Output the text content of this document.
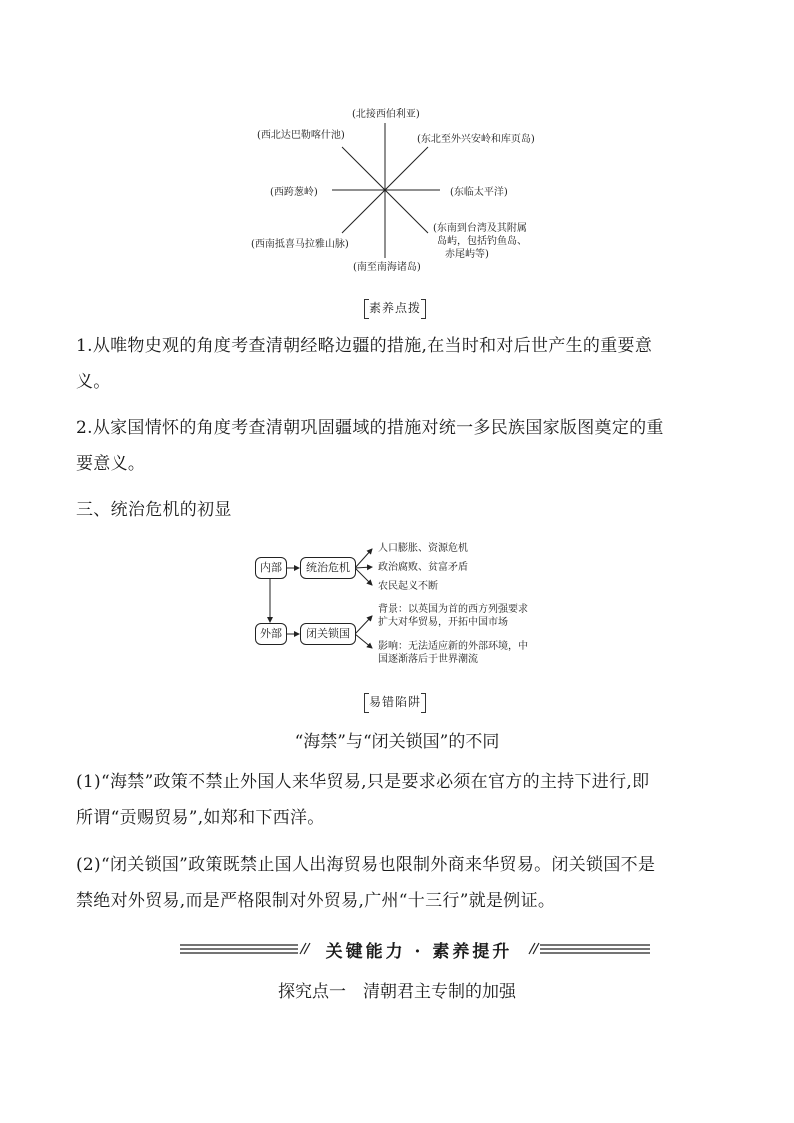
(北接西伯利亚)
(西北达巴勒喀什池)	(东北至外兴安岭和库页岛)
(西跨葱岭)	(东临太平洋)
(西南抵喜马拉雅山脉)
(东南到台湾及其附属
岛屿，包括钓鱼岛、
赤尾屿等)
(南至南海诸岛)
素养点拨
1.从唯物史观的角度考查清朝经略边疆的措施,在当时和对后世产生的重要意
义。
2.从家国情怀的角度考查清朝巩固疆域的措施对统一多民族国家版图奠定的重
要意义。
三、统治危机的初显
内部	统治危机
人口膨胀、资源危机
政治腐败、贫富矛盾
农民起义不断
外部	闭关锁国
背景：以英国为首的西方列强要求
扩大对华贸易，开拓中国市场
影响：无法适应新的外部环境，中
国逐渐落后于世界潮流
易错陷阱
“海禁”与“闭关锁国”的不同
(1)“海禁”政策不禁止外国人来华贸易,只是要求必须在官方的主持下进行,即
所谓“贡赐贸易”,如郑和下西洋。
(2)“闭关锁国”政策既禁止国人出海贸易也限制外商来华贸易。闭关锁国不是
禁绝对外贸易,而是严格限制对外贸易,广州“十三行”就是例证。
关键能力 · 素养提升
探究点一　清朝君主专制的加强
